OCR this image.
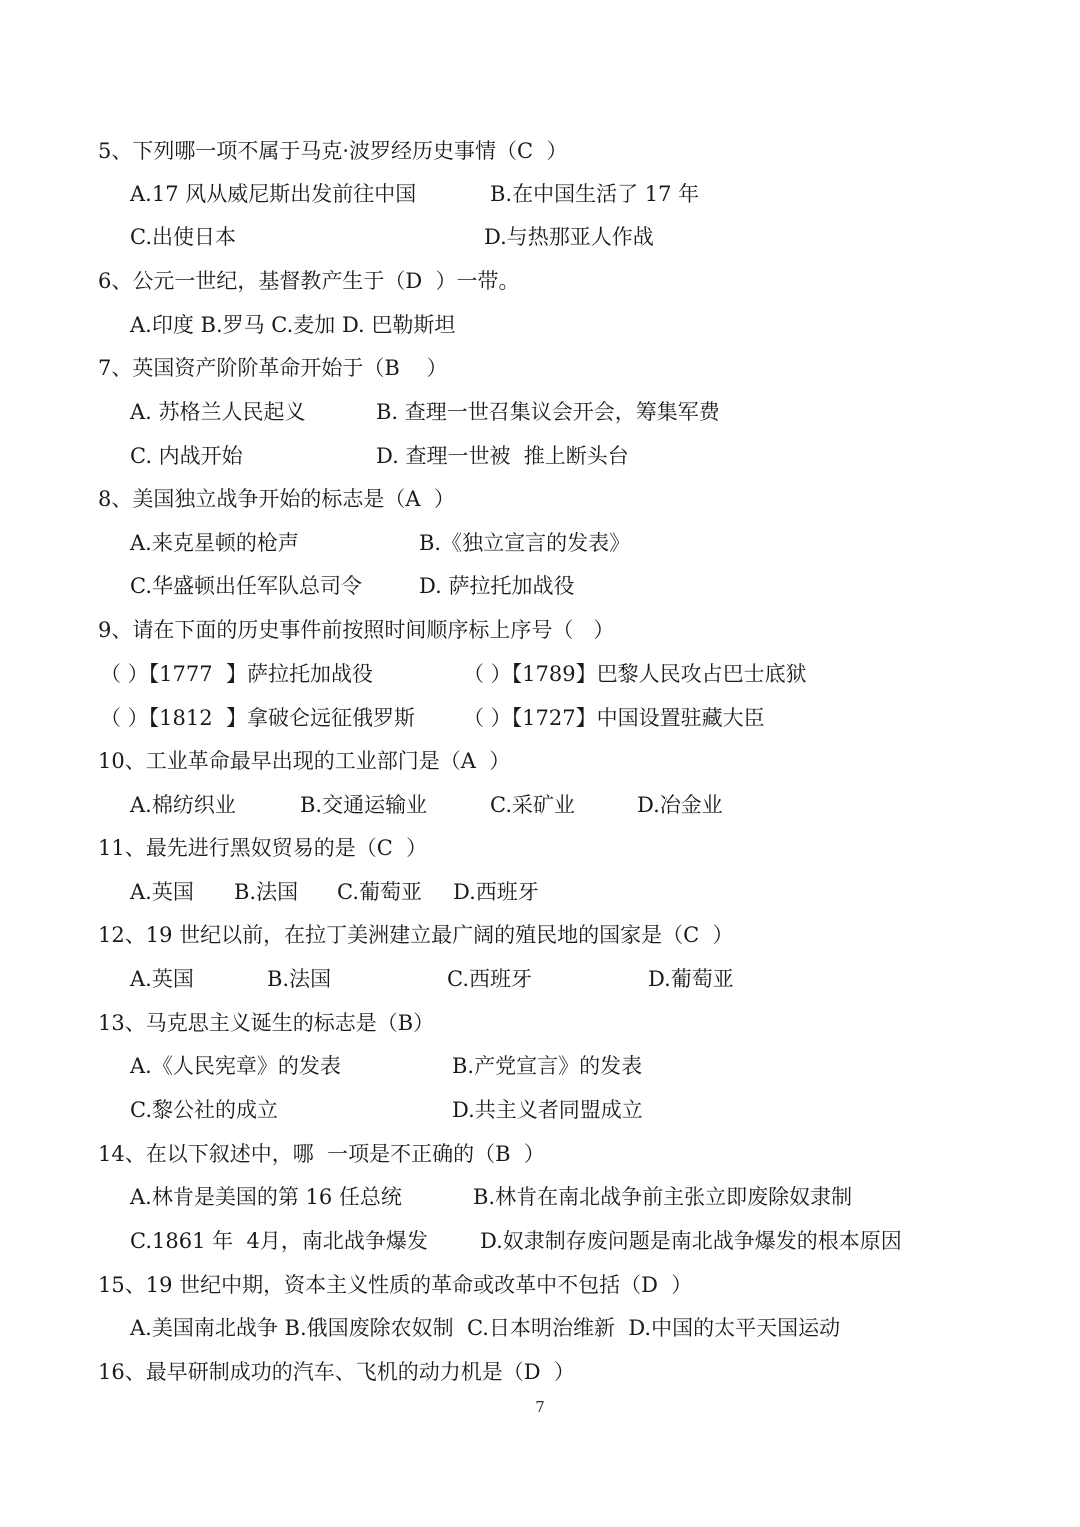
5、下列哪一项不属于马克·波罗经历史事情（C  ）
A.17 风从威尼斯出发前往中国	B.在中国生活了 17 年
C.出使日本	D.与热那亚人作战
6、公元一世纪，基督教产生于（D  ）一带。
A.印度 B.罗马 C.麦加 D. 巴勒斯坦
7、英国资产阶阶革命开始于（B    ）
A. 苏格兰人民起义	B. 查理一世召集议会开会，筹集军费
C. 内战开始	D. 查理一世被  推上断头台
8、美国独立战争开始的标志是（A  ）
A.来克星顿的枪声	B.《独立宣言的发表》
C.华盛顿出任军队总司令	D. 萨拉托加战役
9、请在下面的历史事件前按照时间顺序标上序号（   ）
（ ）【1777  】萨拉托加战役	（ ）【1789】巴黎人民攻占巴士底狱
（ ）【1812  】拿破仑远征俄罗斯 （ ）【1727】中国设置驻藏大臣
10、工业革命最早出现的工业部门是（A  ）
A.棉纺织业	B.交通运输业	C.采矿业	D.冶金业
11、最先进行黑奴贸易的是（C  ）
A.英国 B.法国 C.葡萄亚 D.西班牙
12、19 世纪以前，在拉丁美洲建立最广阔的殖民地的国家是（C  ）
A.英国	B.法国	C.西班牙	D.葡萄亚
13、马克思主义诞生的标志是（B）
A.《人民宪章》的发表	B.产党宣言》的发表
C.黎公社的成立	D.共主义者同盟成立
14、在以下叙述中，哪  一项是不正确的（B  ）
A.林肯是美国的第 16 任总统	B.林肯在南北战争前主张立即废除奴隶制
C.1861 年  4月，南北战争爆发 D.奴隶制存废问题是南北战争爆发的根本原因
15、19 世纪中期，资本主义性质的革命或改革中不包括（D  ）
A.美国南北战争 B.俄国废除农奴制  C.日本明治维新  D.中国的太平天国运动
16、最早研制成功的汽车、飞机的动力机是（D  ）
7
